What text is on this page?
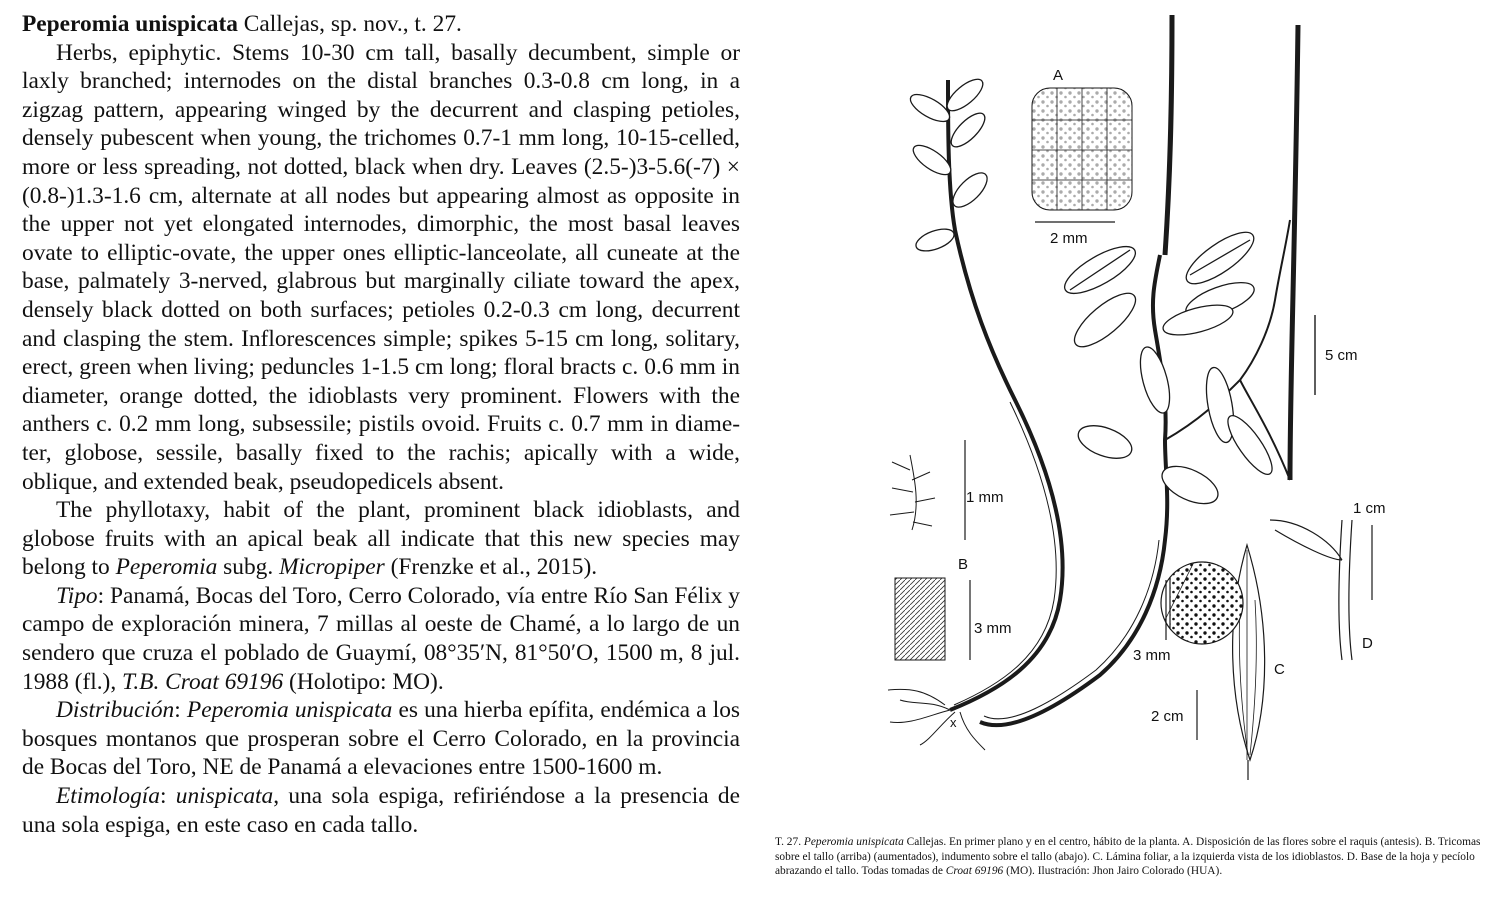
Peperomia unispicata Callejas, sp. nov., t. 27.

Herbs, epiphytic. Stems 10-30 cm tall, basally decumbent, simple or laxly branched; internodes on the distal branches 0.3-0.8 cm long, in a zigzag pattern, appearing winged by the decurrent and clasping petioles, densely pubescent when young, the trichomes 0.7-1 mm long, 10-15-celled, more or less spreading, not dotted, black when dry. Leaves (2.5-)3-5.6(-7) × (0.8-)1.3-1.6 cm, alternate at all nodes but appearing almost as opposite in the upper not yet elongated internodes, dimorphic, the most basal leaves ovate to elliptic-ovate, the upper ones elliptic-lanceolate, all cuneate at the base, palmately 3-nerved, glabrous but marginally ciliate toward the apex, densely black dotted on both surfaces; petioles 0.2-0.3 cm long, decurrent and clasping the stem. Inflorescences simple; spikes 5-15 cm long, solitary, erect, green when living; peduncles 1-1.5 cm long; floral bracts c. 0.6 mm in diameter, orange dotted, the idioblasts very prominent. Flowers with the anthers c. 0.2 mm long, subsessile; pistils ovoid. Fruits c. 0.7 mm in diame-ter, globose, sessile, basally fixed to the rachis; apically with a wide, oblique, and extended beak, pseudopedicels absent.

The phyllotaxy, habit of the plant, prominent black idioblasts, and globose fruits with an apical beak all indicate that this new species may belong to Peperomia subg. Micropiper (Frenzke et al., 2015).

Tipo: Panamá, Bocas del Toro, Cerro Colorado, vía entre Río San Félix y campo de exploración minera, 7 millas al oeste de Chamé, a lo largo de un sendero que cruza el poblado de Guaymí, 08°35′N, 81°50′O, 1500 m, 8 jul. 1988 (fl.), T.B. Croat 69196 (Holotipo: MO).

Distribución: Peperomia unispicata es una hierba epífita, endémica a los bosques montanos que prosperan sobre el Cerro Colorado, en la provincia de Bocas del Toro, NE de Panamá a elevaciones entre 1500-1600 m.

Etimología: unispicata, una sola espiga, refiriéndose a la presencia de una sola espiga, en este caso en cada tallo.

A
2 mm
5 cm
1 mm
B
3 mm
1 cm
D
3 mm
C
2 cm
x
T. 27. Peperomia unispicata Callejas. En primer plano y en el centro, hábito de la planta. A. Disposición de las flores sobre el raquis (antesis). B. Tricomas sobre el tallo (arriba) (aumentados), indumento sobre el tallo (abajo). C. Lámina foliar, a la izquierda vista de los idioblastos. D. Base de la hoja y pecíolo abrazando el tallo. Todas tomadas de Croat 69196 (MO). Ilustración: Jhon Jairo Colorado (HUA).
